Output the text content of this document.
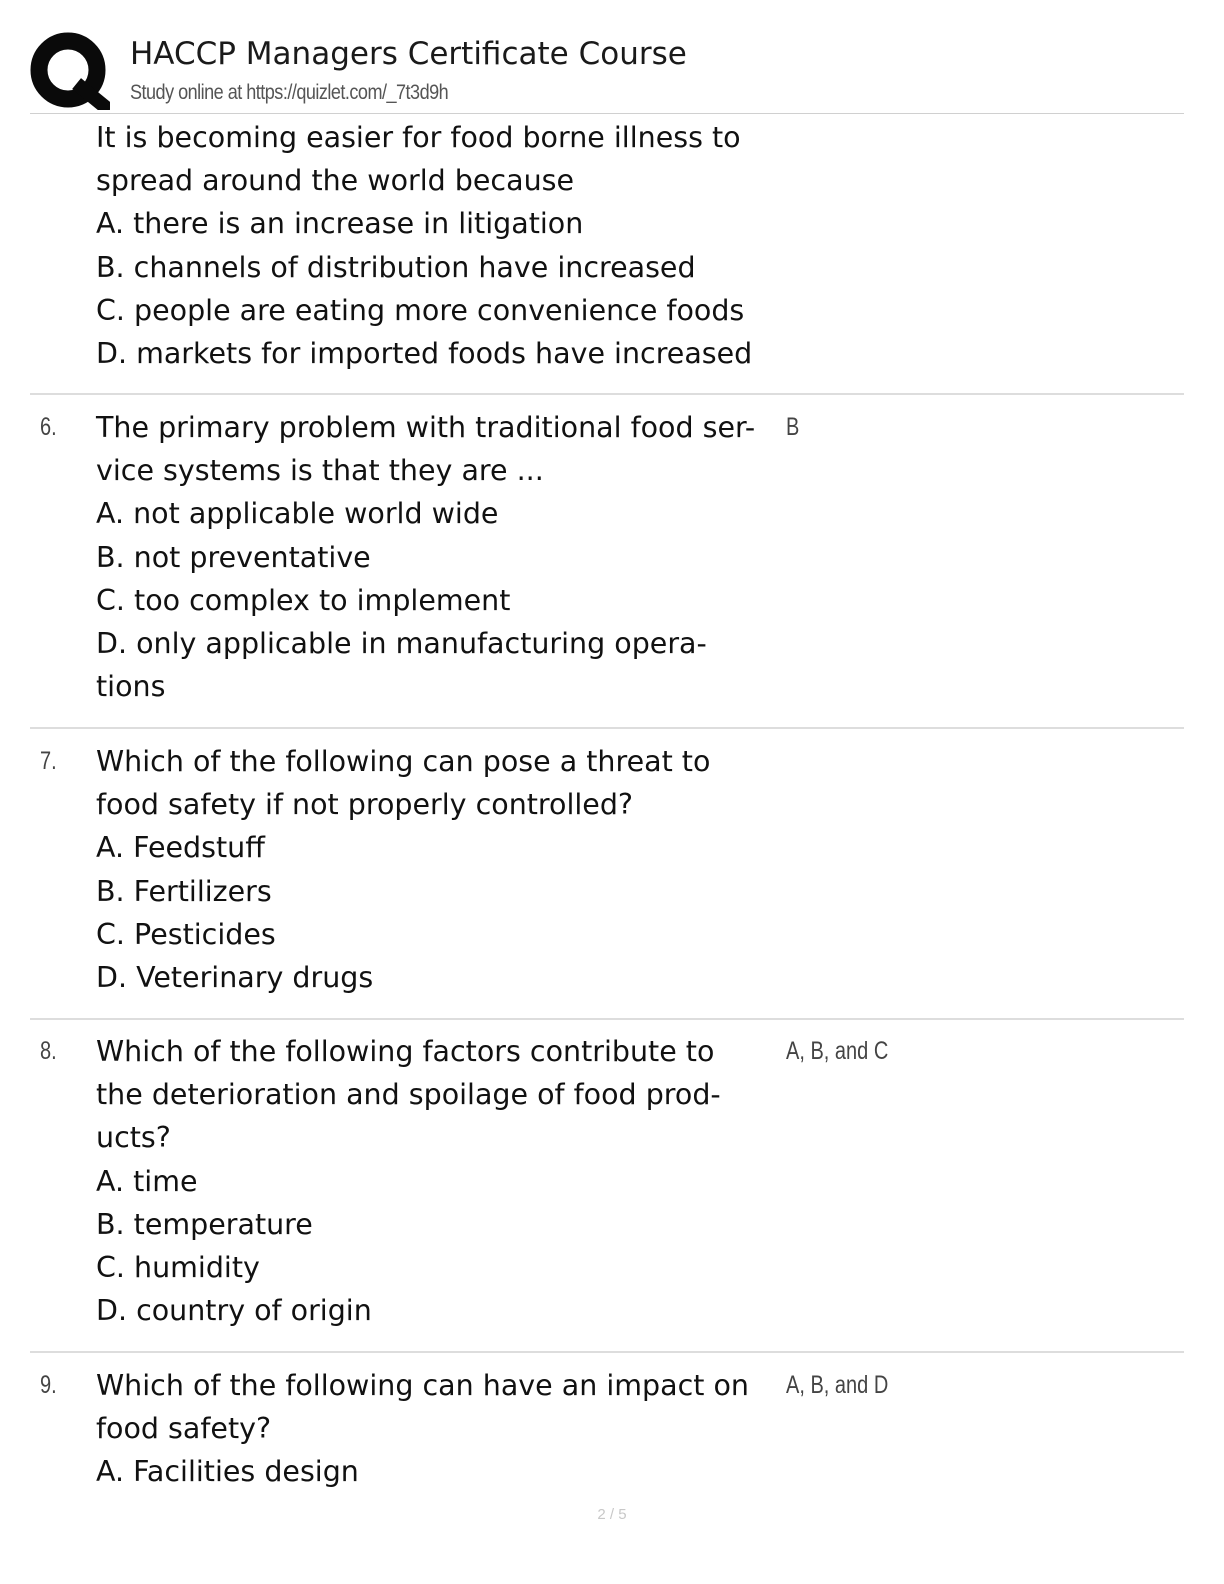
HACCP Managers Certificate Course
Study online at https://quizlet.com/_7t3d9h
It is becoming easier for food borne illness to
spread around the world because
A. there is an increase in litigation
B. channels of distribution have increased
C. people are eating more convenience foods
D. markets for imported foods have increased
6. The primary problem with traditional food ser-
vice systems is that they are ...
A. not applicable world wide
B. not preventative
C. too complex to implement
D. only applicable in manufacturing opera-
tions
B
7. Which of the following can pose a threat to
food safety if not properly controlled?
A. Feedstuff
B. Fertilizers
C. Pesticides
D. Veterinary drugs
8. Which of the following factors contribute to
the deterioration and spoilage of food prod-
ucts?
A. time
B. temperature
C. humidity
D. country of origin
A, B, and C
9. Which of the following can have an impact on
food safety?
A. Facilities design
A, B, and D
2 / 5
